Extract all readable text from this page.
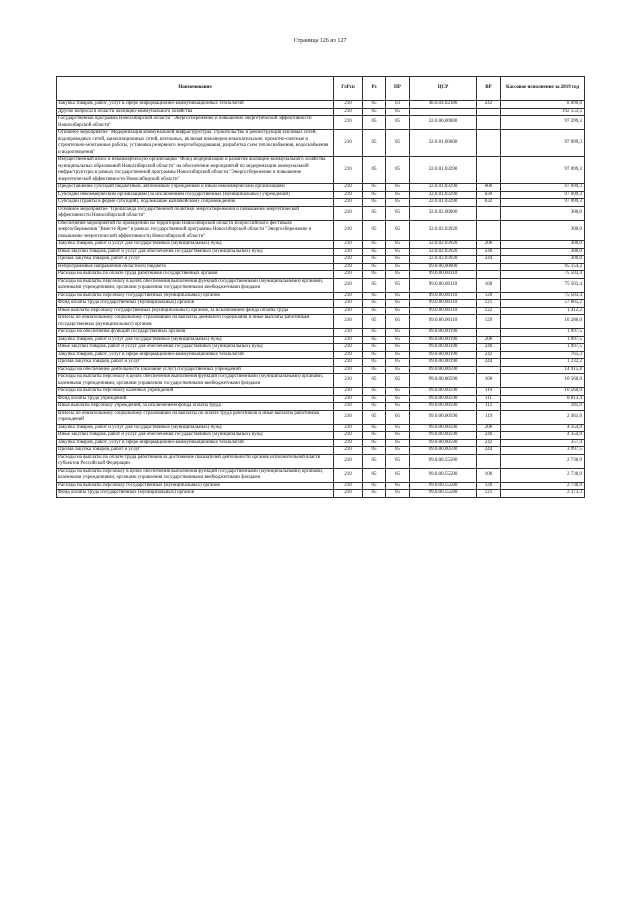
Страница 126 из 127
Наименование	ГлРсп	Рз	ПР	ЦСР	ВР	Кассовое исполнение за 2019 год
Закупка товаров, работ, услуг в сфере информационно-коммуникационных технологий	210	05	03	48.0.04.02180	242	8 090,0
Другие вопросы в области жилищно-коммунального хозяйства	210	05	05			192 553,5
Государственная программа Новосибирской области "Энергосбережение и повышение энергетической эффективности Новосибирской области"	210	05	05	32.0.00.00000		97 399,3
Основное мероприятие "Модернизация коммунальной инфраструктуры: строительство и реконструкция тепловых сетей, водопроводных сетей, канализационных сетей, котельных, включая инженерно-изыскательские, проектно-сметные и строительно-монтажные работы, установка резервного энергооборудования, разработка схем теплоснабжения, водоснабжения и водоотведения"	210	05	05	32.0.01.00000		97 099,3
Имущественный взнос в некоммерческую организацию "Фонд модернизации и развития жилищно-коммунального хозяйства муниципальных образований Новосибирской области" на обеспечение мероприятий по модернизации коммунальной инфраструктуры в рамках государственной программы Новосибирской области "Энергосбережение и повышение энергетической эффективности Новосибирской области"	210	05	05	32.0.01.03290		97 099,3
Предоставление субсидий бюджетным, автономным учреждениям и иным некоммерческим организациям	210	05	05	32.0.01.03290	600	97 099,3
Субсидии некоммерческим организациям (за исключением государственных (муниципальных) учреждений)	210	05	05	32.0.01.03290	630	97 099,3
Субсидии (гранты в форме субсидий), подлежащие казначейскому сопровождению	210	05	05	32.0.01.03290	632	97 099,3
Основное мероприятие "Пропаганда государственной политики энергосбережения и повышения энергетической эффективности Новосибирской области"	210	05	05	32.0.02.00000		300,0
Обеспечение мероприятий по проведению на территории Новосибирской области Всероссийского фестиваля энергосбережения "Вместе Ярче" в рамках государственной программы Новосибирской области "Энергосбережение и повышение энергетической эффективности Новосибирской области"	210	05	05	32.0.02.03920		300,0
Закупка товаров, работ и услуг для государственных (муниципальных) нужд	210	05	05	32.0.02.03920	200	300,0
Иные закупки товаров, работ и услуг для обеспечения государственных (муниципальных) нужд	210	05	05	32.0.02.03920	240	300,0
Прочая закупка товаров, работ и услуг	210	05	05	32.0.02.03920	244	300,0
Непрограммные направления областного бюджета	210	05	05	99.0.00.00000		95 154,2
Расходы на выплаты по оплате труда работников государственных органов	210	05	05	99.0.00.00110		75 503,4
Расходы на выплаты персоналу в целях обеспечения выполнения функций государственными (муниципальными) органами, казенными учреждениями, органами управления государственными внебюджетными фондами	210	05	05	99.0.00.00110	100	75 503,4
Расходы на выплаты персоналу государственных (муниципальных) органов	210	05	05	99.0.00.00110	120	75 503,4
Фонд оплаты труда государственных (муниципальных) органов	210	05	05	99.0.00.00110	121	57 805,2
Иные выплаты персоналу государственных (муниципальных) органов, за исключением фонда оплаты труда	210	05	05	99.0.00.00110	122	1 412,2
Взносы по обязательному социальному страхованию на выплаты денежного содержания и иные выплаты работникам государственных (муниципальных) органов	210	05	05	99.0.00.00110	129	16 286,0
Расходы на обеспечение функций государственных органов	210	05	05	99.0.00.00190		1 997,5
Закупка товаров, работ и услуг для государственных (муниципальных) нужд	210	05	05	99.0.00.00190	200	1 997,5
Иные закупки товаров, работ и услуг для обеспечения государственных (муниципальных) нужд	210	05	05	99.0.00.00190	240	1 997,5
Закупка товаров, работ, услуг в сфере информационно-коммуникационных технологий	210	05	05	99.0.00.00190	242	765,3
Прочая закупка товаров, работ и услуг	210	05	05	99.0.00.00190	244	1 232,2
Расходы на обеспечение деятельности (оказание услуг) государственных учреждений	210	05	05	99.0.00.00590		14 915,8
Расходы на выплаты персоналу в целях обеспечения выполнения функций государственными (муниципальными) органами, казенными учреждениями, органами управления государственными внебюджетными фондами	210	05	05	99.0.00.00590	100	10 560,9
Расходы на выплаты персоналу казенных учреждений	210	05	05	99.0.00.00590	110	10 560,9
Фонд оплаты труда учреждений	210	05	05	99.0.00.00590	111	8 013,4
Иные выплаты персоналу учреждений, за исключением фонда оплаты труда	210	05	05	99.0.00.00590	112	185,9
Взносы по обязательному социальному страхованию на выплаты по оплате труда работников и иные выплаты работникам учреждений	210	05	05	99.0.00.00590	119	2 361,6
Закупка товаров, работ и услуг для государственных (муниципальных) нужд	210	05	05	99.0.00.00590	200	4 354,9
Иные закупки товаров, работ и услуг для обеспечения государственных (муниципальных) нужд	210	05	05	99.0.00.00590	240	4 354,9
Закупка товаров, работ, услуг в сфере информационно-коммуникационных технологий	210	05	05	99.0.00.00590	242	357,4
Прочая закупка товаров, работ и услуг	210	05	05	99.0.00.00590	244	3 997,5
Расходы на выплаты по оплате труда работников за достижение показателей деятельности органов исполнительной власти субъектов Российской Федерации	210	05	05	99.0.00.55500		2 736,9
Расходы на выплаты персоналу в целях обеспечения выполнения функций государственными (муниципальными) органами, казенными учреждениями, органами управления государственными внебюджетными фондами	210	05	05	99.0.00.55500	100	2 736,9
Расходы на выплаты персоналу государственных (муниципальных) органов	210	05	05	99.0.00.55500	120	2 736,9
Фонд оплаты труда государственных (муниципальных) органов	210	05	05	99.0.00.55500	121	2 373,3
